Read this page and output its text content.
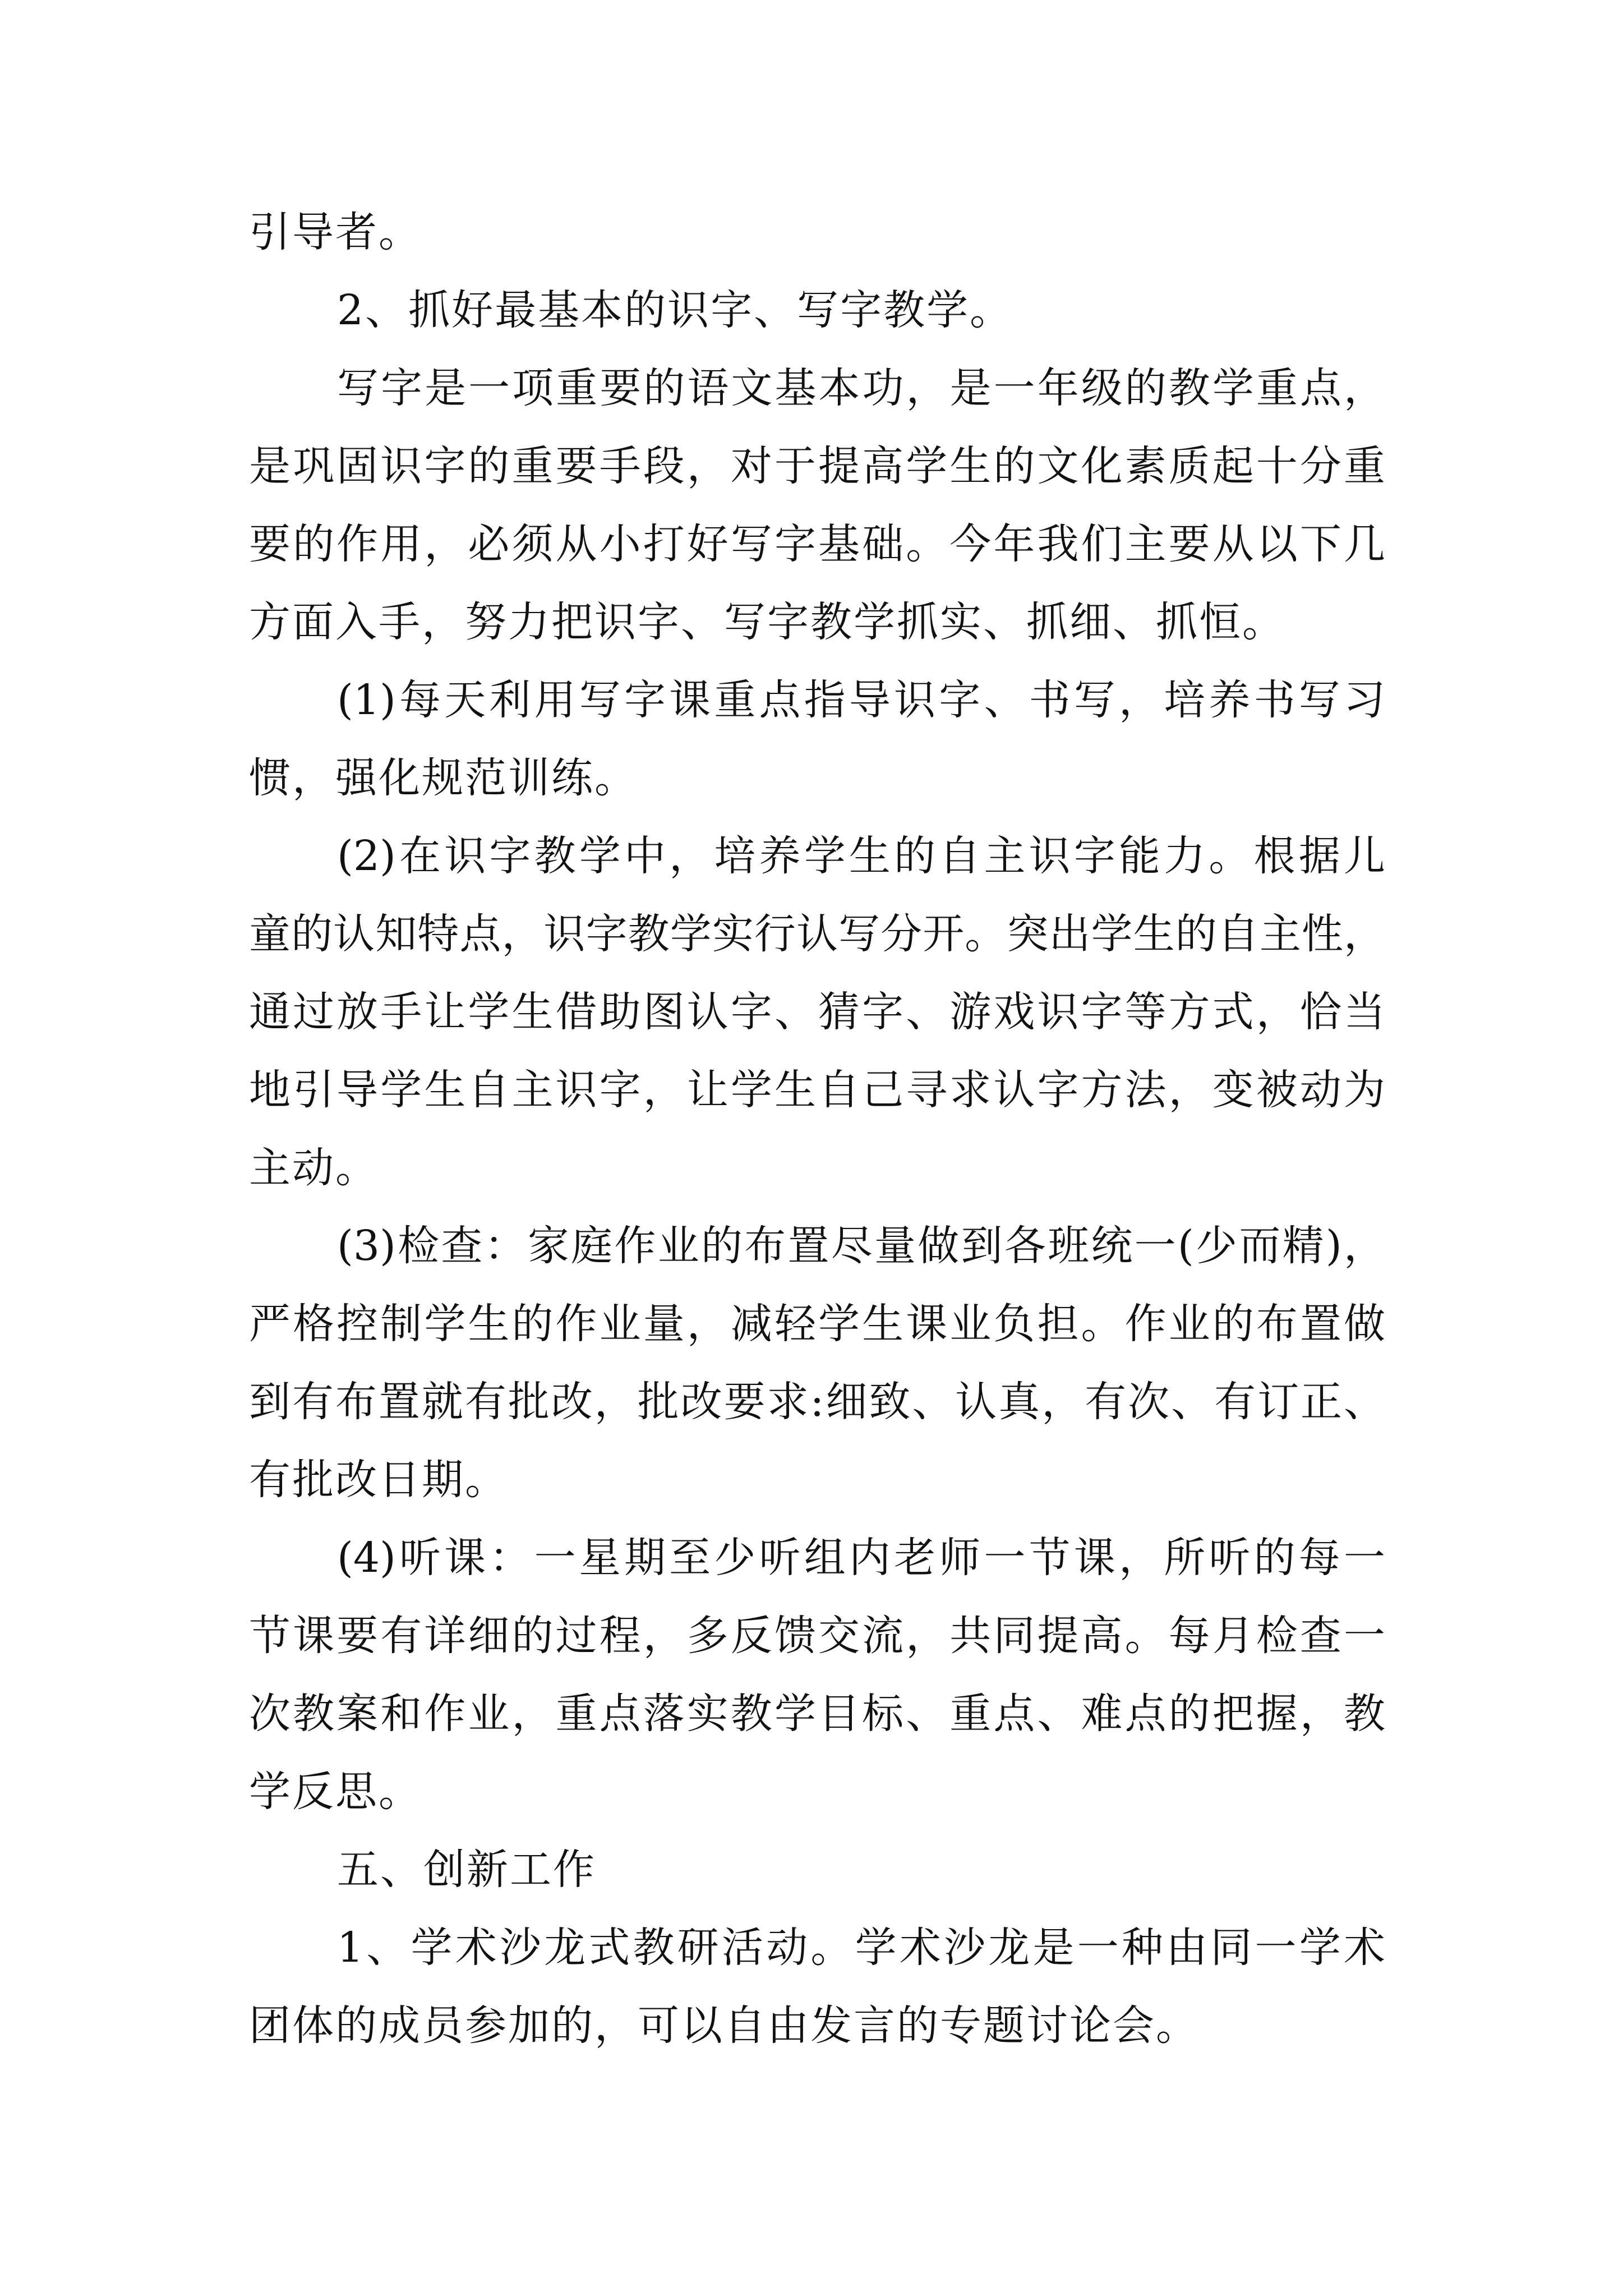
引导者。
2、抓好最基本的识字、写字教学。
写字是一项重要的语文基本功，是一年级的教学重点，
是巩固识字的重要手段，对于提高学生的文化素质起十分重
要的作用，必须从小打好写字基础。今年我们主要从以下几
方面入手，努力把识字、写字教学抓实、抓细、抓恒。
(1)每天利用写字课重点指导识字、书写，培养书写习
惯，强化规范训练。
(2)在识字教学中，培养学生的自主识字能力。根据儿
童的认知特点，识字教学实行认写分开。突出学生的自主性，
通过放手让学生借助图认字、猜字、游戏识字等方式，恰当
地引导学生自主识字，让学生自己寻求认字方法，变被动为
主动。
(3)检查：家庭作业的布置尽量做到各班统一(少而精)，
严格控制学生的作业量，减轻学生课业负担。作业的布置做
到有布置就有批改，批改要求:细致、认真，有次、有订正、
有批改日期。
(4)听课：一星期至少听组内老师一节课，所听的每一
节课要有详细的过程，多反馈交流，共同提高。每月检查一
次教案和作业，重点落实教学目标、重点、难点的把握，教
学反思。
五、创新工作
1、学术沙龙式教研活动。学术沙龙是一种由同一学术
团体的成员参加的，可以自由发言的专题讨论会。
